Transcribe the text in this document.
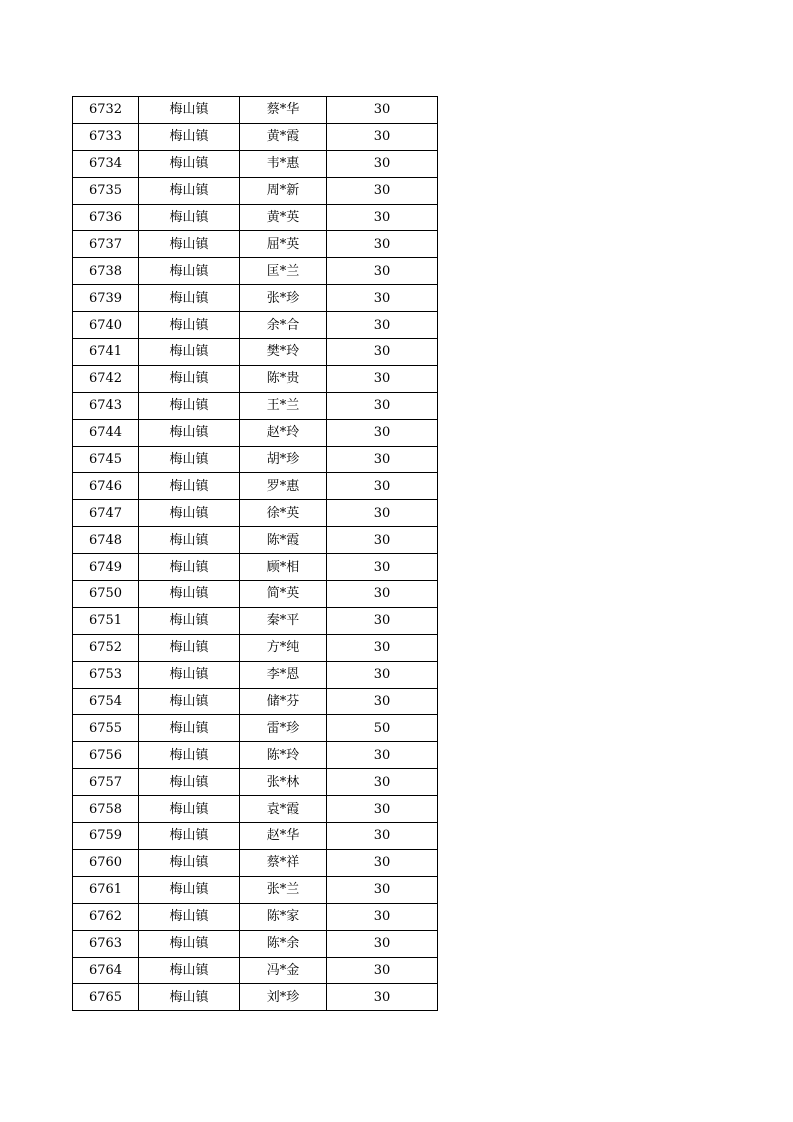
6732	梅山镇	蔡*华	30
6733	梅山镇	黄*霞	30
6734	梅山镇	韦*惠	30
6735	梅山镇	周*新	30
6736	梅山镇	黄*英	30
6737	梅山镇	屈*英	30
6738	梅山镇	匡*兰	30
6739	梅山镇	张*珍	30
6740	梅山镇	余*合	30
6741	梅山镇	樊*玲	30
6742	梅山镇	陈*贵	30
6743	梅山镇	王*兰	30
6744	梅山镇	赵*玲	30
6745	梅山镇	胡*珍	30
6746	梅山镇	罗*惠	30
6747	梅山镇	徐*英	30
6748	梅山镇	陈*霞	30
6749	梅山镇	顾*相	30
6750	梅山镇	简*英	30
6751	梅山镇	秦*平	30
6752	梅山镇	方*纯	30
6753	梅山镇	李*恩	30
6754	梅山镇	储*芬	30
6755	梅山镇	雷*珍	50
6756	梅山镇	陈*玲	30
6757	梅山镇	张*林	30
6758	梅山镇	袁*霞	30
6759	梅山镇	赵*华	30
6760	梅山镇	蔡*祥	30
6761	梅山镇	张*兰	30
6762	梅山镇	陈*家	30
6763	梅山镇	陈*余	30
6764	梅山镇	冯*金	30
6765	梅山镇	刘*珍	30
